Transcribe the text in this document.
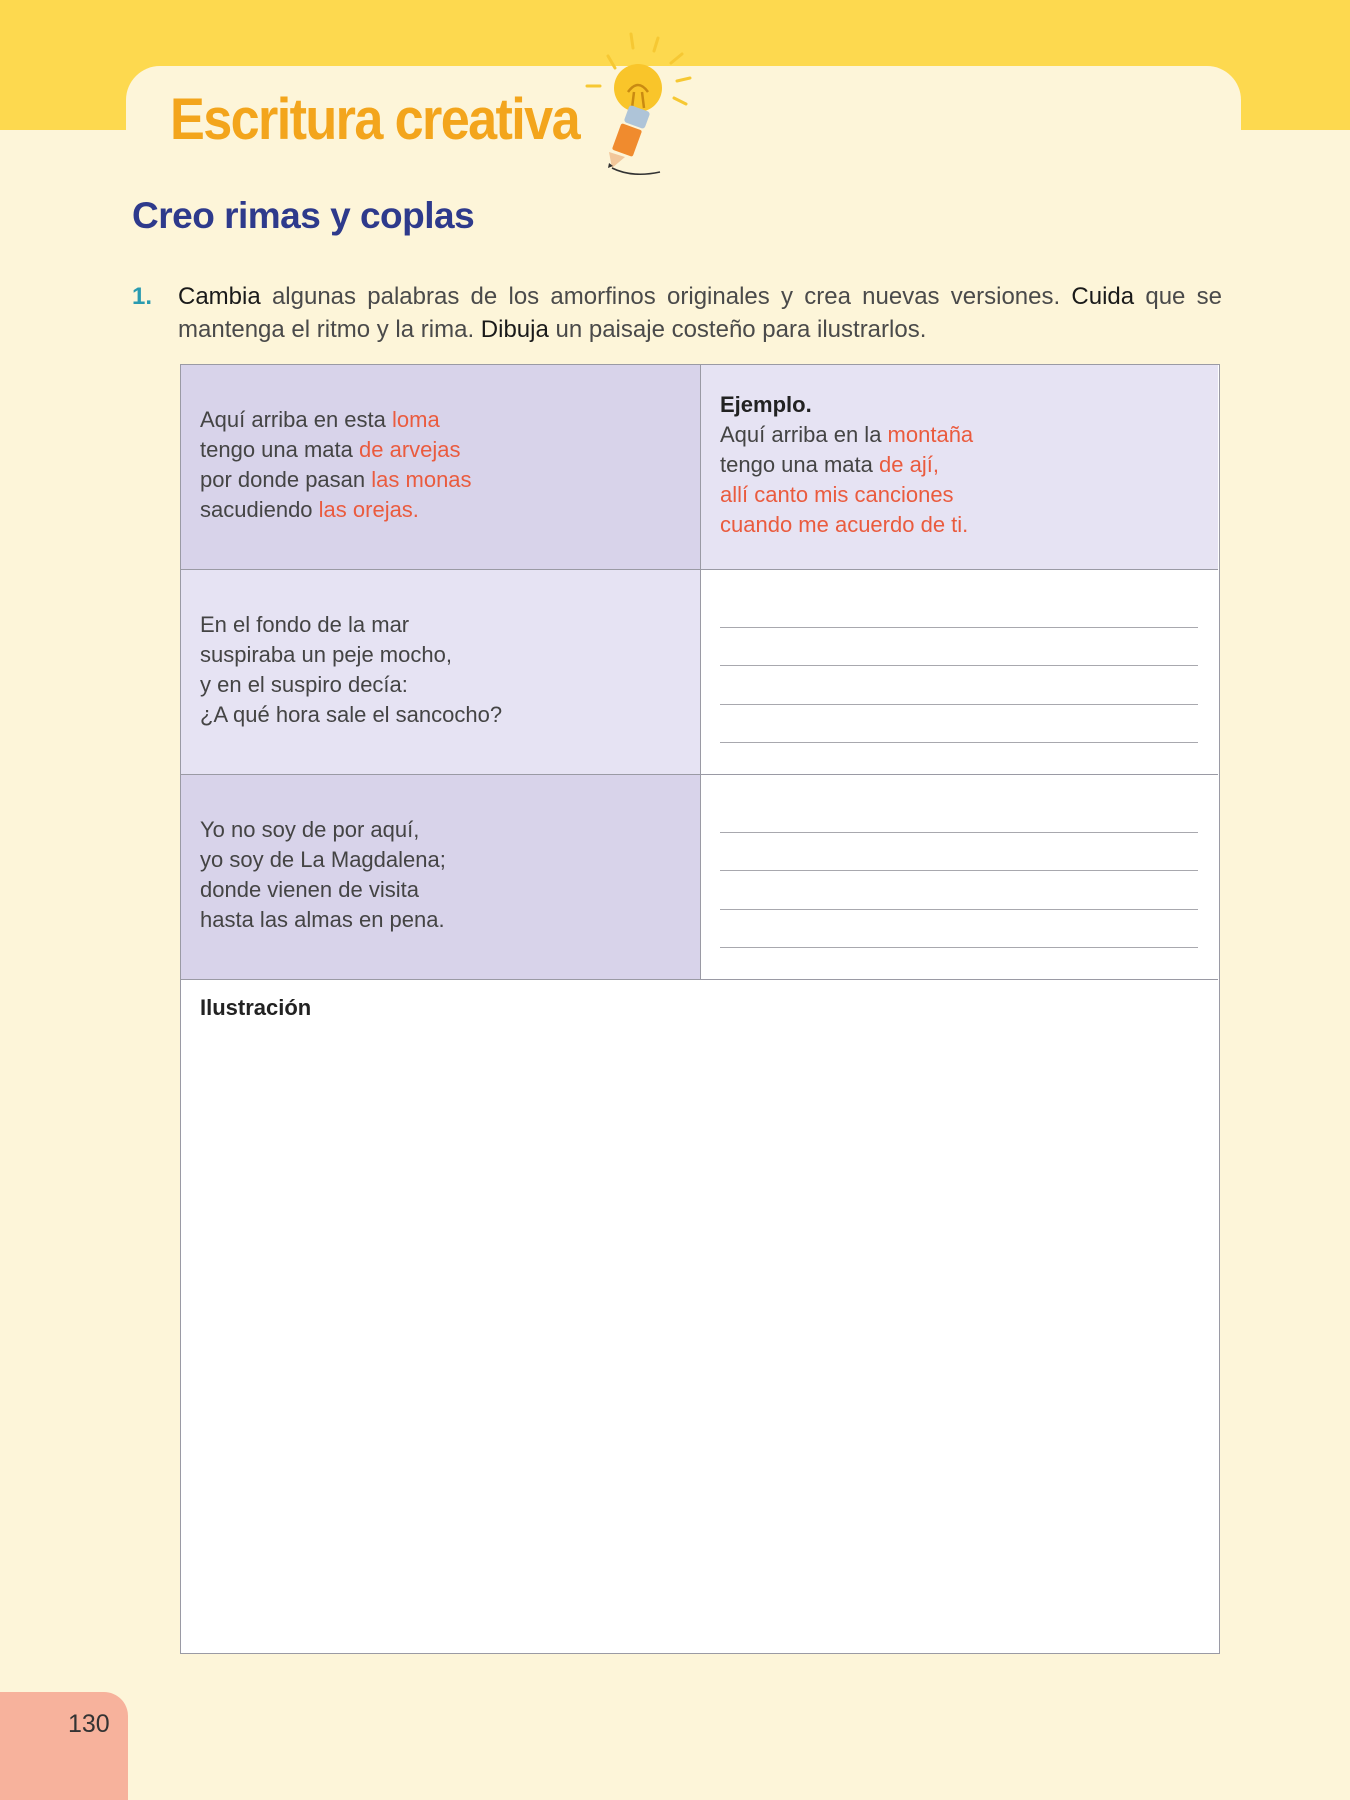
Escritura creativa
Creo rimas y coplas
1. Cambia algunas palabras de los amorfinos originales y crea nuevas versiones. Cuida que se mantenga el ritmo y la rima. Dibuja un paisaje costeño para ilustrarlos.

Aquí arriba en esta loma
tengo una mata de arvejas
por donde pasan las monas
sacudiendo las orejas.
Ejemplo.
Aquí arriba en la montaña
tengo una mata de ají,
allí canto mis canciones
cuando me acuerdo de ti.
En el fondo de la mar
suspiraba un peje mocho,
y en el suspiro decía:
¿A qué hora sale el sancocho?
Yo no soy de por aquí,
yo soy de La Magdalena;
donde vienen de visita
hasta las almas en pena.
Ilustración
130
